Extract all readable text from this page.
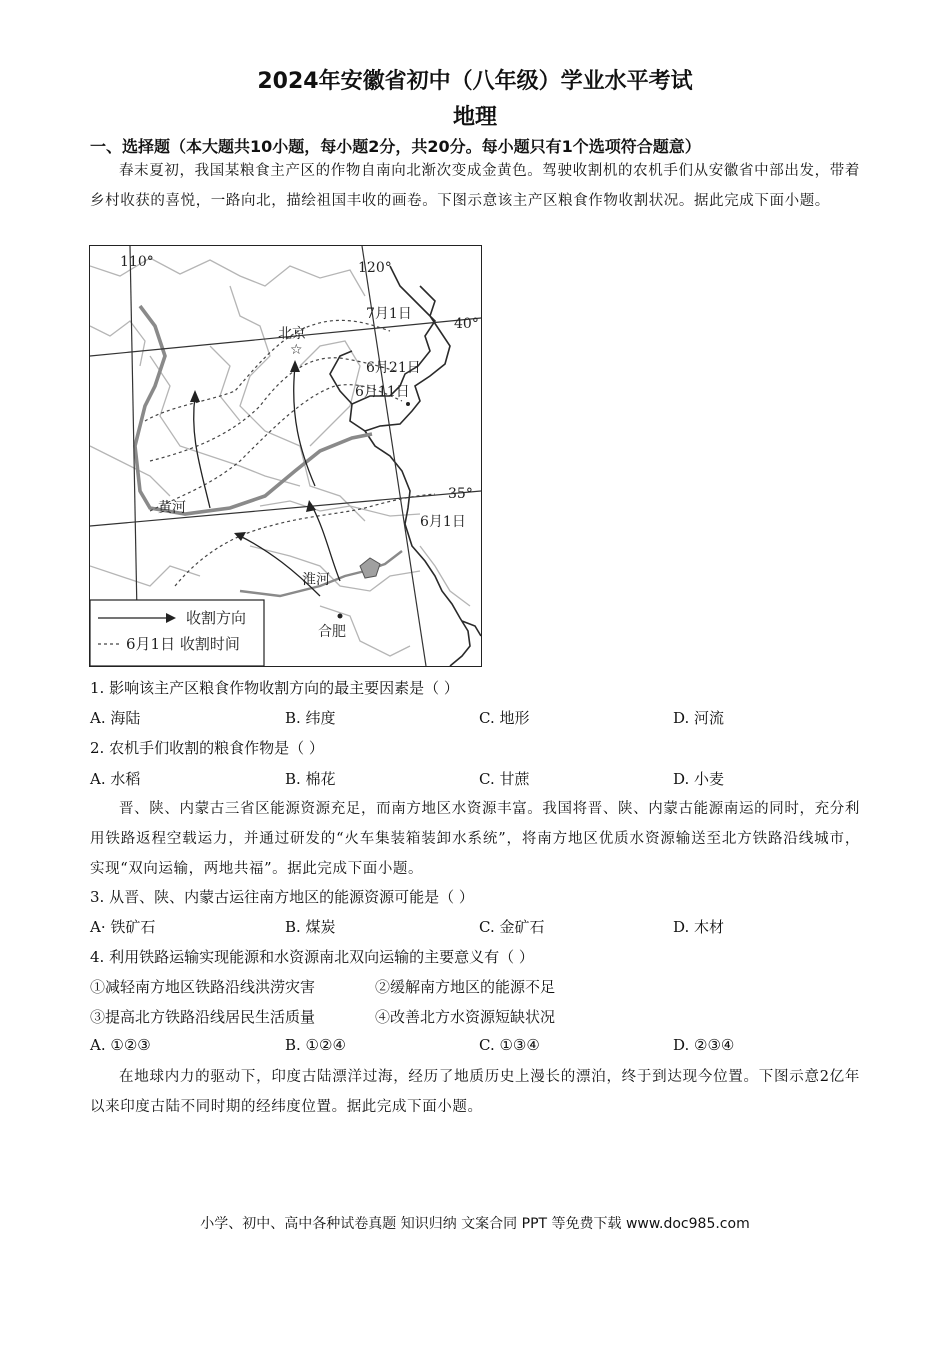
2024年安徽省初中（八年级）学业水平考试
地理
一、选择题（本大题共10小题，每小题2分，共20分。每小题只有1个选项符合题意）
春末夏初，我国某粮食主产区的作物自南向北渐次变成金黄色。驾驶收割机的农机手们从安徽省中部出发，带着乡村收获的喜悦，一路向北，描绘祖国丰收的画卷。下图示意该主产区粮食作物收割状况。据此完成下面小题。
☆
110°	120°
40°
35°
北京
7月1日
6月21日
6月11日
6月1日
黄河
淮河
合肥
收割方向
6月1日 收割时间
1. 影响该主产区粮食作物收割方向的最主要因素是（ ）
A. 海陆	B. 纬度	C. 地形	D. 河流
2. 农机手们收割的粮食作物是（ ）
A. 水稻	B. 棉花	C. 甘蔗	D. 小麦
晋、陕、内蒙古三省区能源资源充足，而南方地区水资源丰富。我国将晋、陕、内蒙古能源南运的同时，充分利用铁路返程空载运力，并通过研发的“火车集装箱装卸水系统”，将南方地区优质水资源输送至北方铁路沿线城市，实现“双向运输，两地共福”。据此完成下面小题。
3. 从晋、陕、内蒙古运往南方地区的能源资源可能是（ ）
A· 铁矿石	B. 煤炭	C. 金矿石	D. 木材
4. 利用铁路运输实现能源和水资源南北双向运输的主要意义有（ ）
①减轻南方地区铁路沿线洪涝灾害	②缓解南方地区的能源不足
③提高北方铁路沿线居民生活质量	④改善北方水资源短缺状况
A. ①②③	B. ①②④	C. ①③④	D. ②③④
在地球内力的驱动下，印度古陆漂洋过海，经历了地质历史上漫长的漂泊，终于到达现今位置。下图示意2亿年以来印度古陆不同时期的经纬度位置。据此完成下面小题。
小学、初中、高中各种试卷真题 知识归纳 文案合同 PPT 等免费下载 www.doc985.com
